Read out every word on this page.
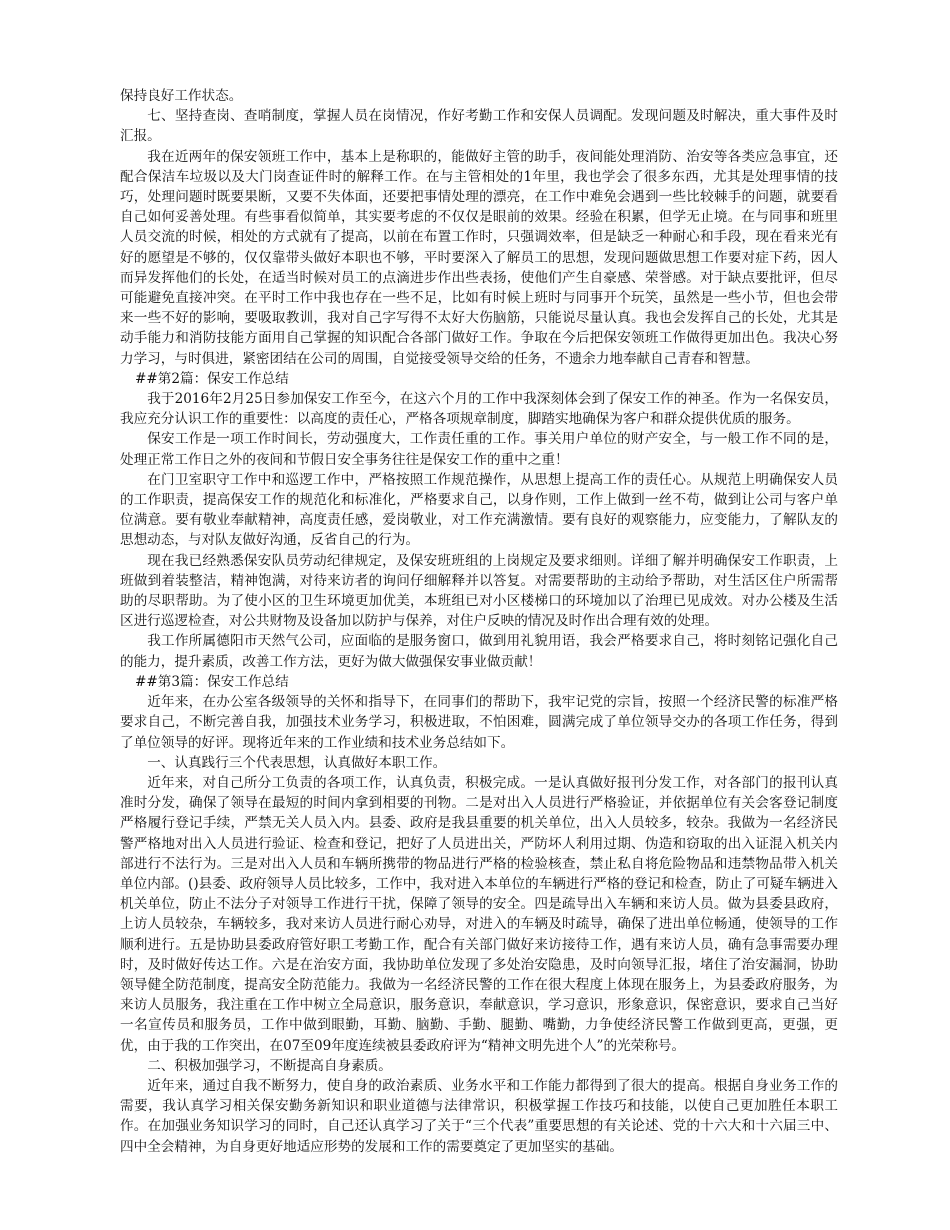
保持良好工作状态。

七、坚持查岗、查哨制度，掌握人员在岗情况，作好考勤工作和安保人员调配。发现问题及时解决，重大事件及时汇报。

我在近两年的保安领班工作中，基本上是称职的，能做好主管的助手，夜间能处理消防、治安等各类应急事宜，还配合保洁车垃圾以及大门岗查证件时的解释工作。在与主管相处的1年里，我也学会了很多东西，尤其是处理事情的技巧，处理问题时既要果断，又要不失体面，还要把事情处理的漂亮，在工作中难免会遇到一些比较棘手的问题，就要看自己如何妥善处理。有些事看似简单，其实要考虑的不仅仅是眼前的效果。经验在积累，但学无止境。在与同事和班里人员交流的时候，相处的方式就有了提高，以前在布置工作时，只强调效率，但是缺乏一种耐心和手段，现在看来光有好的愿望是不够的，仅仅靠带头做好本职也不够，平时要深入了解员工的思想，发现问题做思想工作要对症下药，因人而异发挥他们的长处，在适当时候对员工的点滴进步作出些表扬，使他们产生自豪感、荣誉感。对于缺点要批评，但尽可能避免直接冲突。在平时工作中我也存在一些不足，比如有时候上班时与同事开个玩笑，虽然是一些小节，但也会带来一些不好的影响，要吸取教训，我对自己字写得不太好大伤脑筋，只能说尽量认真。我也会发挥自己的长处，尤其是动手能力和消防技能方面用自己掌握的知识配合各部门做好工作。争取在今后把保安领班工作做得更加出色。我决心努力学习，与时俱进，紧密团结在公司的周围，自觉接受领导交给的任务，不遗余力地奉献自己青春和智慧。

##第2篇：保安工作总结

我于2016年2月25日参加保安工作至今，在这六个月的工作中我深刻体会到了保安工作的神圣。作为一名保安员，我应充分认识工作的重要性：以高度的责任心，严格各项规章制度，脚踏实地确保为客户和群众提供优质的服务。

保安工作是一项工作时间长，劳动强度大，工作责任重的工作。事关用户单位的财产安全，与一般工作不同的是，处理正常工作日之外的夜间和节假日安全事务往往是保安工作的重中之重！

在门卫室职守工作中和巡逻工作中，严格按照工作规范操作，从思想上提高工作的责任心。从规范上明确保安人员的工作职责，提高保安工作的规范化和标准化，严格要求自己，以身作则，工作上做到一丝不苟，做到让公司与客户单位满意。要有敬业奉献精神，高度责任感，爱岗敬业，对工作充满激情。要有良好的观察能力，应变能力，了解队友的思想动态，与对队友做好沟通，反省自己的行为。

现在我已经熟悉保安队员劳动纪律规定，及保安班班组的上岗规定及要求细则。详细了解并明确保安工作职责，上班做到着装整洁，精神饱满，对待来访者的询问仔细解释并以答复。对需要帮助的主动给予帮助，对生活区住户所需帮助的尽职帮助。为了使小区的卫生环境更加优美，本班组已对小区楼梯口的环境加以了治理已见成效。对办公楼及生活区进行巡逻检查，对公共财物及设备加以防护与保养，对住户反映的情况及时作出合理有效的处理。

我工作所属德阳市天然气公司，应面临的是服务窗口，做到用礼貌用语，我会严格要求自己，将时刻铭记强化自己的能力，提升素质，改善工作方法，更好为做大做强保安事业做贡献！

##第3篇：保安工作总结

近年来，在办公室各级领导的关怀和指导下，在同事们的帮助下，我牢记党的宗旨，按照一个经济民警的标准严格要求自己，不断完善自我，加强技术业务学习，积极进取，不怕困难，圆满完成了单位领导交办的各项工作任务，得到了单位领导的好评。现将近年来的工作业绩和技术业务总结如下。

一、认真践行三个代表思想，认真做好本职工作。

近年来，对自己所分工负责的各项工作，认真负责，积极完成。一是认真做好报刊分发工作，对各部门的报刊认真准时分发，确保了领导在最短的时间内拿到相要的刊物。二是对出入人员进行严格验证，并依据单位有关会客登记制度严格履行登记手续，严禁无关人员入内。县委、政府是我县重要的机关单位，出入人员较多，较杂。我做为一名经济民警严格地对出入人员进行验证、检查和登记，把好了人员进出关，严防坏人利用过期、伪造和窃取的出入证混入机关内部进行不法行为。三是对出入人员和车辆所携带的物品进行严格的检验核查，禁止私自将危险物品和违禁物品带入机关单位内部。()县委、政府领导人员比较多，工作中，我对进入本单位的车辆进行严格的登记和检查，防止了可疑车辆进入机关单位，防止不法分子对领导工作进行干扰，保障了领导的安全。四是疏导出入车辆和来访人员。做为县委县政府，上访人员较杂，车辆较多，我对来访人员进行耐心劝导，对进入的车辆及时疏导，确保了进出单位畅通，使领导的工作顺利进行。五是协助县委政府管好职工考勤工作，配合有关部门做好来访接待工作，遇有来访人员，确有急事需要办理时，及时做好传达工作。六是在治安方面，我协助单位发现了多处治安隐患，及时向领导汇报，堵住了治安漏洞，协助领导健全防范制度，提高安全防范能力。我做为一名经济民警的工作在很大程度上体现在服务上，为县委政府服务，为来访人员服务，我注重在工作中树立全局意识，服务意识，奉献意识，学习意识，形象意识，保密意识，要求自己当好一名宣传员和服务员，工作中做到眼勤，耳勤、脑勤、手勤、腿勤、嘴勤，力争使经济民警工作做到更高，更强，更优，由于我的工作突出，在07至09年度连续被县委政府评为“精神文明先进个人”的光荣称号。

二、积极加强学习，不断提高自身素质。

近年来，通过自我不断努力，使自身的政治素质、业务水平和工作能力都得到了很大的提高。根据自身业务工作的需要，我认真学习相关保安勤务新知识和职业道德与法律常识，积极掌握工作技巧和技能，以使自己更加胜任本职工作。在加强业务知识学习的同时，自己还认真学习了关于“三个代表”重要思想的有关论述、党的十六大和十六届三中、四中全会精神，为自身更好地适应形势的发展和工作的需要奠定了更加坚实的基础。
